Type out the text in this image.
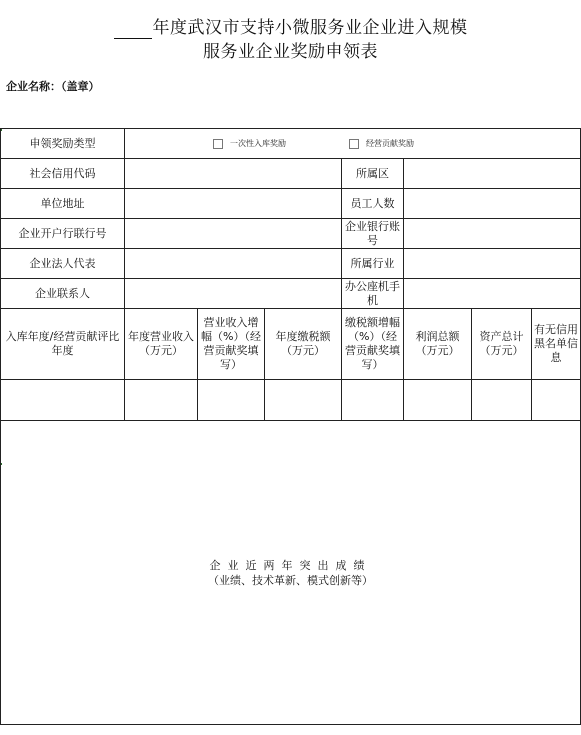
年度武汉市支持小微服务业企业进入规模
服务业企业奖励申领表
企业名称：（盖章）
申领奖励类型	一次性入库奖励 经营贡献奖励						
社会信用代码				所属区			
单位地址				员工人数			
企业开户行联行号				企业银行账号			
企业法人代表				所属行业			
企业联系人				办公座机手　机			
入库年度/经营贡献评比年度	年度营业收入（万元）	营业收入增幅（%）（经营贡献奖填写）	年度缴税额（万元）	缴税额增幅（%）（经营贡献奖填写）	利润总额（万元）	资产总计（万元）	有无信用黑名单信息

企业近两年突出成绩
（业绩、技术革新、模式创新等）							
